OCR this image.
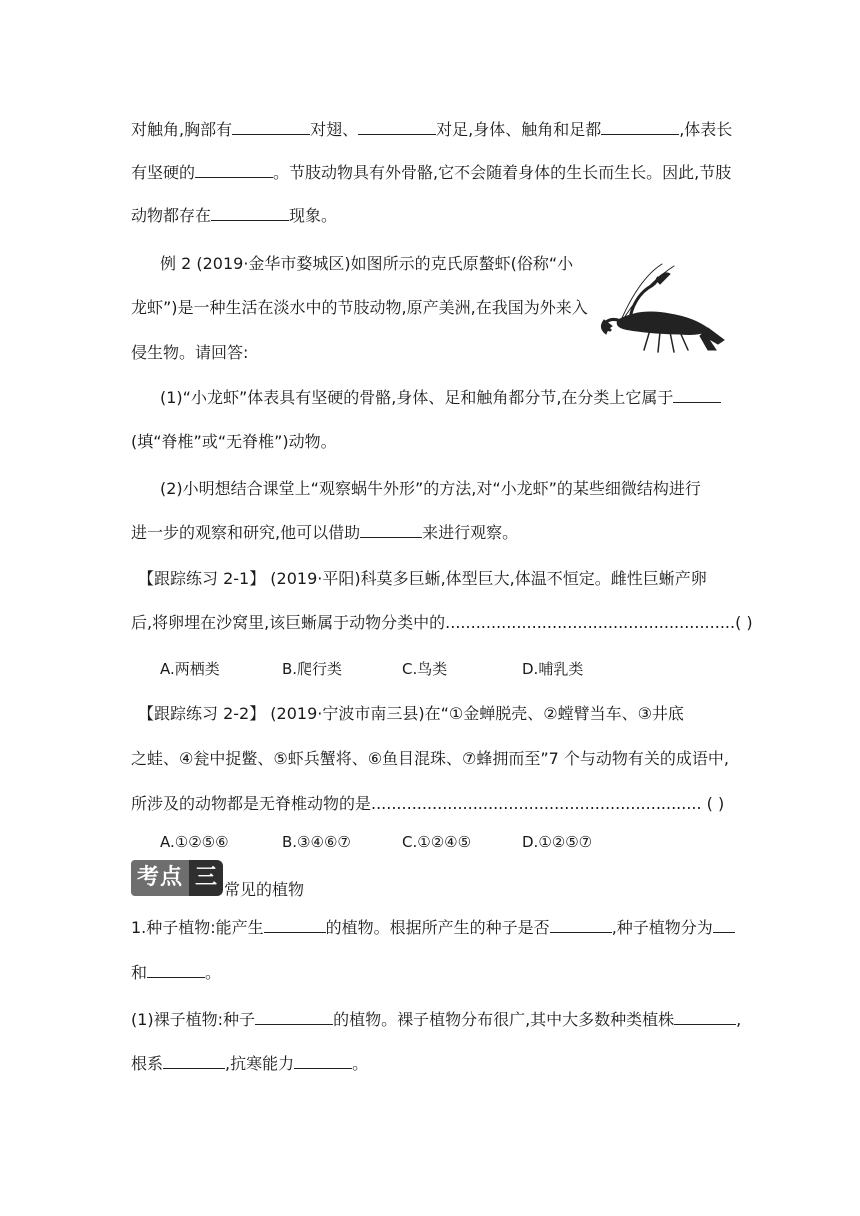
对触角,胸部有	对翅、	对足,身体、触角和足都	,体表长
有坚硬的	。节肢动物具有外骨骼,它不会随着身体的生长而生长。因此,节肢
动物都存在	现象。
例 2 (2019·金华市婺城区)如图所示的克氏原螯虾(俗称“小
龙虾”)是一种生活在淡水中的节肢动物,原产美洲,在我国为外来入
侵生物。请回答:
(1)“小龙虾”体表具有坚硬的骨骼,身体、足和触角都分节,在分类上它属于
(填“脊椎”或“无脊椎”)动物。
(2)小明想结合课堂上“观察蜗牛外形”的方法,对“小龙虾”的某些细微结构进行
进一步的观察和研究,他可以借助	来进行观察。
【跟踪练习 2-1】 (2019·平阳)科莫多巨蜥,体型巨大,体温不恒定。雌性巨蜥产卵
后,将卵埋在沙窝里,该巨蜥属于动物分类中的.........................................................( )
A.两栖类	B.爬行类	C.鸟类	D.哺乳类
【跟踪练习 2-2】 (2019·宁波市南三县)在“①金蝉脱壳、②螳臂当车、③井底
之蛙、④瓮中捉鳖、⑤虾兵蟹将、⑥鱼目混珠、⑦蜂拥而至”7 个与动物有关的成语中,
所涉及的动物都是无脊椎动物的是................................................................. ( )
A.①②⑤⑥	B.③④⑥⑦	C.①②④⑤	D.①②⑤⑦
考点 三 常见的植物
1.种子植物:能产生	的植物。根据所产生的种子是否	,种子植物分为
和	。
(1)裸子植物:种子	的植物。裸子植物分布很广,其中大多数种类植株	,
根系	,抗寒能力	。
